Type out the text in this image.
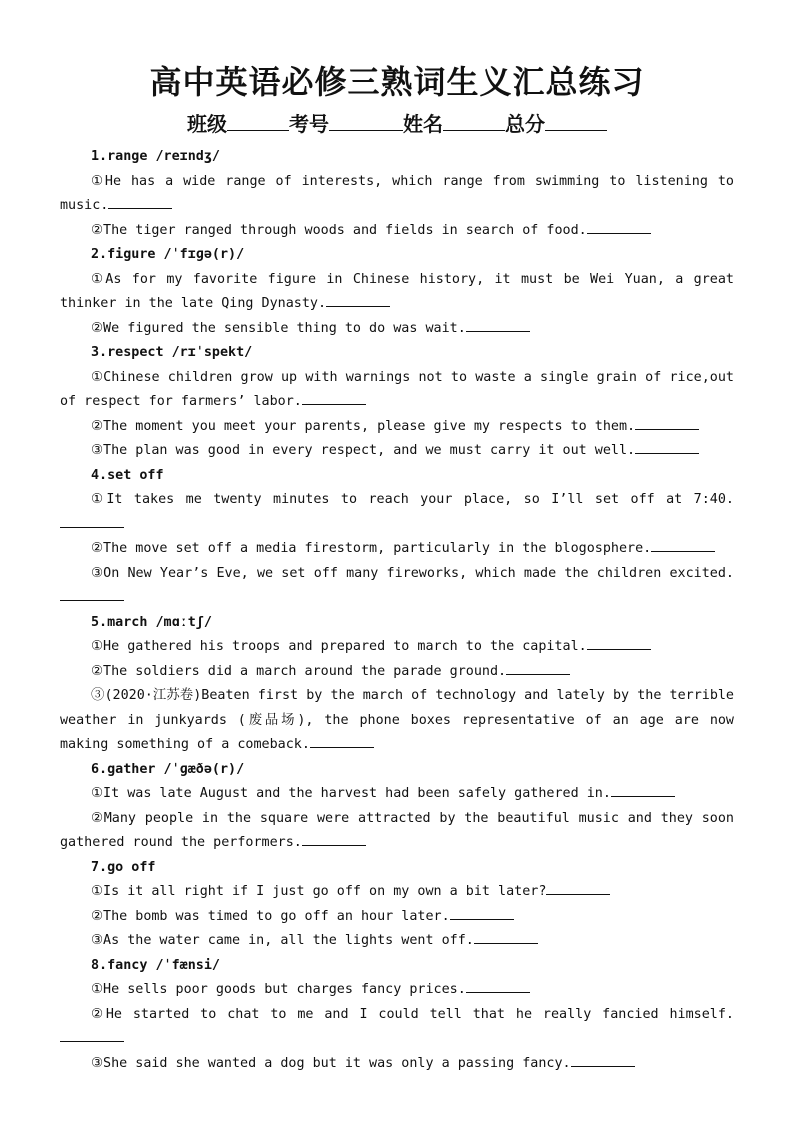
高中英语必修三熟词生义汇总练习
班级	考号	姓名	总分
1.range /reɪndʒ/
①He has a wide range of interests, which range from swimming to listening to music.
②The tiger ranged through woods and fields in search of food.
2.figure /ˈfɪɡə(r)/
①As for my favorite figure in Chinese history, it must be Wei Yuan, a great thinker in the late Qing Dynasty.
②We figured the sensible thing to do was wait.
3.respect /rɪˈspekt/
①Chinese children grow up with warnings not to waste a single grain of rice,out of respect for farmers’ labor.
②The moment you meet your parents, please give my respects to them.
③The plan was good in every respect, and we must carry it out well.
4.set off
①It takes me twenty minutes to reach your place, so I’ll set off at 7:40.
②The move set off a media firestorm, particularly in the blogosphere.
③On New Year’s Eve, we set off many fireworks, which made the children excited.
5.march /mɑːtʃ/
①He gathered his troops and prepared to march to the capital.
②The soldiers did a march around the parade ground.
③(2020·江苏卷)Beaten first by the march of technology and lately by the terrible weather in junkyards (废品场), the phone boxes representative of an age are now making something of a comeback.
6.gather /ˈɡæðə(r)/
①It was late August and the harvest had been safely gathered in.
②Many people in the square were attracted by the beautiful music and they soon gathered round the performers.
7.go off
①Is it all right if I just go off on my own a bit later?
②The bomb was timed to go off an hour later.
③As the water came in, all the lights went off.
8.fancy /ˈfænsi/
①He sells poor goods but charges fancy prices.
②He started to chat to me and I could tell that he really fancied himself.
③She said she wanted a dog but it was only a passing fancy.
